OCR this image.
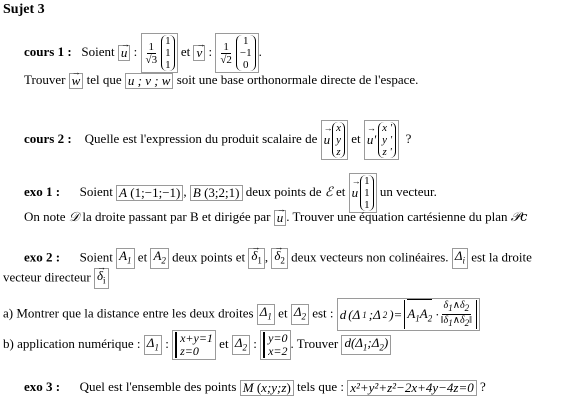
Sujet 3
cours 1 : Soient → u : $\frac{1}{√3} 1$
1
1
et → v : $\frac{1}{√2} 1$
−1
0
.
Trouver → w tel que u ; v ; w soit une base orthonormale directe de l'espace.
cours 2 : Quelle est l'expression du produit scalaire de → u
x
y
z
et → u'
x '
y '
z '
?
exo 1 : Soient A (1;−1;−1) , B (3;2;1) deux points de ℰ et → u
1
1
1
un vecteur.
On note 𝒟 la droite passant par B et dirigée par → u . Trouver une équation cartésienne du plan 𝒫c
exo 2 : Soient $A_1$ et $A_2$ deux points et → $\delta_1$ , → $\delta_2$ deux vecteurs non colinéaires. $\Delta_i$ est la droite
vecteur directeur → $\delta_i$
a) Montrer que la distance entre les deux droites $\Delta_1$ et $\Delta_2$ est : d (Δ 1 ;Δ 2 )= $A_1A_2 \cdot \frac{\delta_1\wedge\delta_2}{‖\delta_1\wedge\delta_2‖}$
b) application numérique : $\Delta_1$ : x+y=1
z=0
et $\Delta_2$ : y=0
x=2
. Trouver $d(\Delta_1;\Delta_2)$
exo 3 : Quel est l'ensemble des points M (x;y;z) tels que : x²+y²+z²−2x+4y−4z=0 ?
